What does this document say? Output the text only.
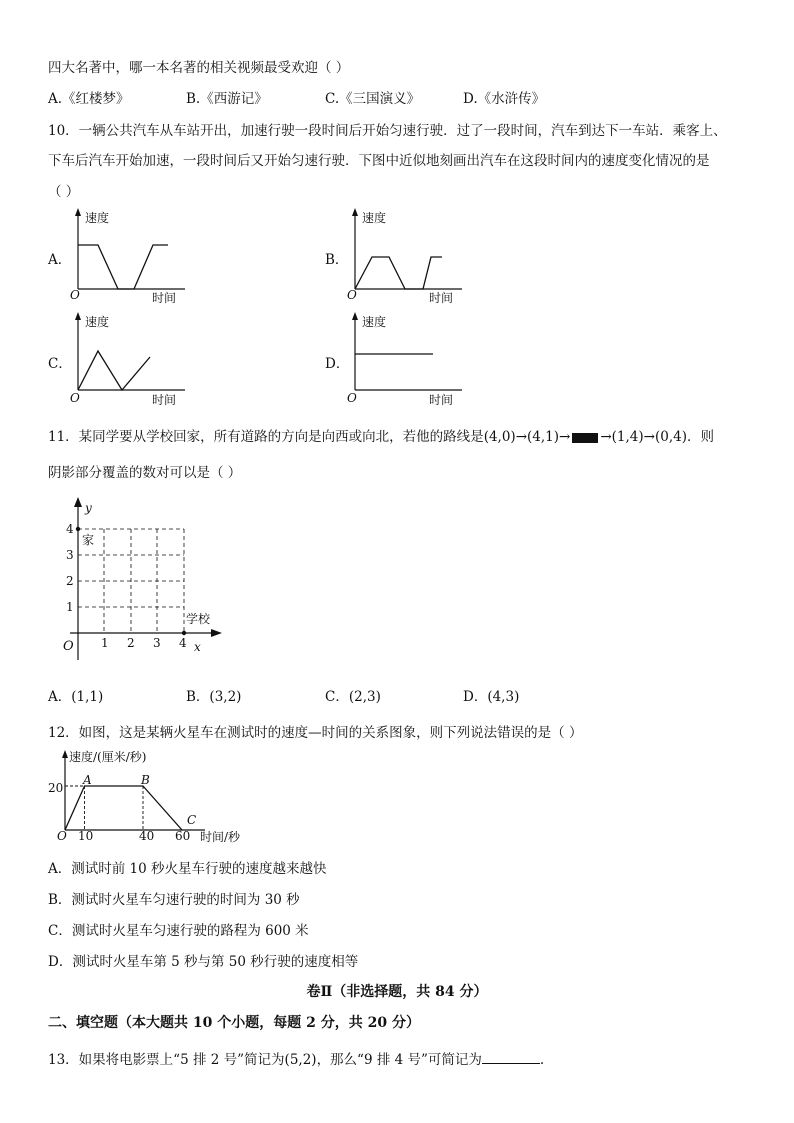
四大名著中，哪一本名著的相关视频最受欢迎（ ）
A.《红楼梦》	B.《西游记》	C.《三国演义》	D.《水浒传》
10．一辆公共汽车从车站开出，加速行驶一段时间后开始匀速行驶．过了一段时间，汽车到达下一车站．乘客上、
下车后汽车开始加速，一段时间后又开始匀速行驶．下图中近似地刻画出汽车在这段时间内的速度变化情况的是
（ ）
A．	B．
C．	D．
速度
O	时间
速度
O	时间
速度
O	时间
速度
O	时间
11．某同学要从学校回家，所有道路的方向是向西或向北，若他的路线是(4,0)→(4,1)→ →(1,4)→(0,4)．则
阴影部分覆盖的数对可以是（ ）
y
x
O
4
3
2
1
1 2 3 4
家
学校
A．(1,1)	B．(3,2)	C．(2,3)	D．(4,3)
12．如图，这是某辆火星车在测试时的速度—时间的关系图象，则下列说法错误的是（ ）
速度/(厘米/秒)
20
O 10	40 60 时间/秒
A	B
C
A．测试时前 10 秒火星车行驶的速度越来越快
B．测试时火星车匀速行驶的时间为 30 秒
C．测试时火星车匀速行驶的路程为 600 米
D．测试时火星车第 5 秒与第 50 秒行驶的速度相等
卷Ⅱ（非选择题，共 84 分）
二、填空题（本大题共 10 个小题，每题 2 分，共 20 分）
13．如果将电影票上“5 排 2 号”简记为(5,2)，那么“9 排 4 号”可简记为	.
